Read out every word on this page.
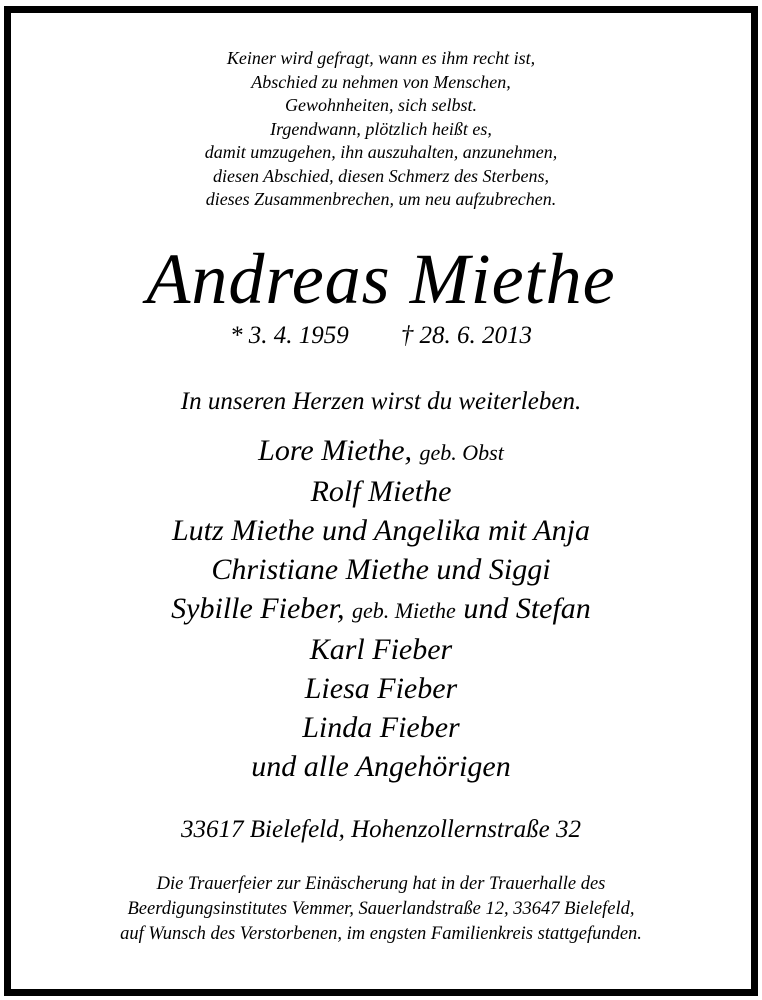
Keiner wird gefragt, wann es ihm recht ist,
Abschied zu nehmen von Menschen,
Gewohnheiten, sich selbst.
Irgendwann, plötzlich heißt es,
damit umzugehen, ihn auszuhalten, anzunehmen,
diesen Abschied, diesen Schmerz des Sterbens,
dieses Zusammenbrechen, um neu aufzubrechen.
Andreas Miethe
* 3. 4. 1959 † 28. 6. 2013
In unseren Herzen wirst du weiterleben.
Lore Miethe, geb. Obst
Rolf Miethe
Lutz Miethe und Angelika mit Anja
Christiane Miethe und Siggi
Sybille Fieber, geb. Miethe und Stefan
Karl Fieber
Liesa Fieber
Linda Fieber
und alle Angehörigen
33617 Bielefeld, Hohenzollernstraße 32
Die Trauerfeier zur Einäscherung hat in der Trauerhalle des
Beerdigungsinstitutes Vemmer, Sauerlandstraße 12, 33647 Bielefeld,
auf Wunsch des Verstorbenen, im engsten Familienkreis stattgefunden.
